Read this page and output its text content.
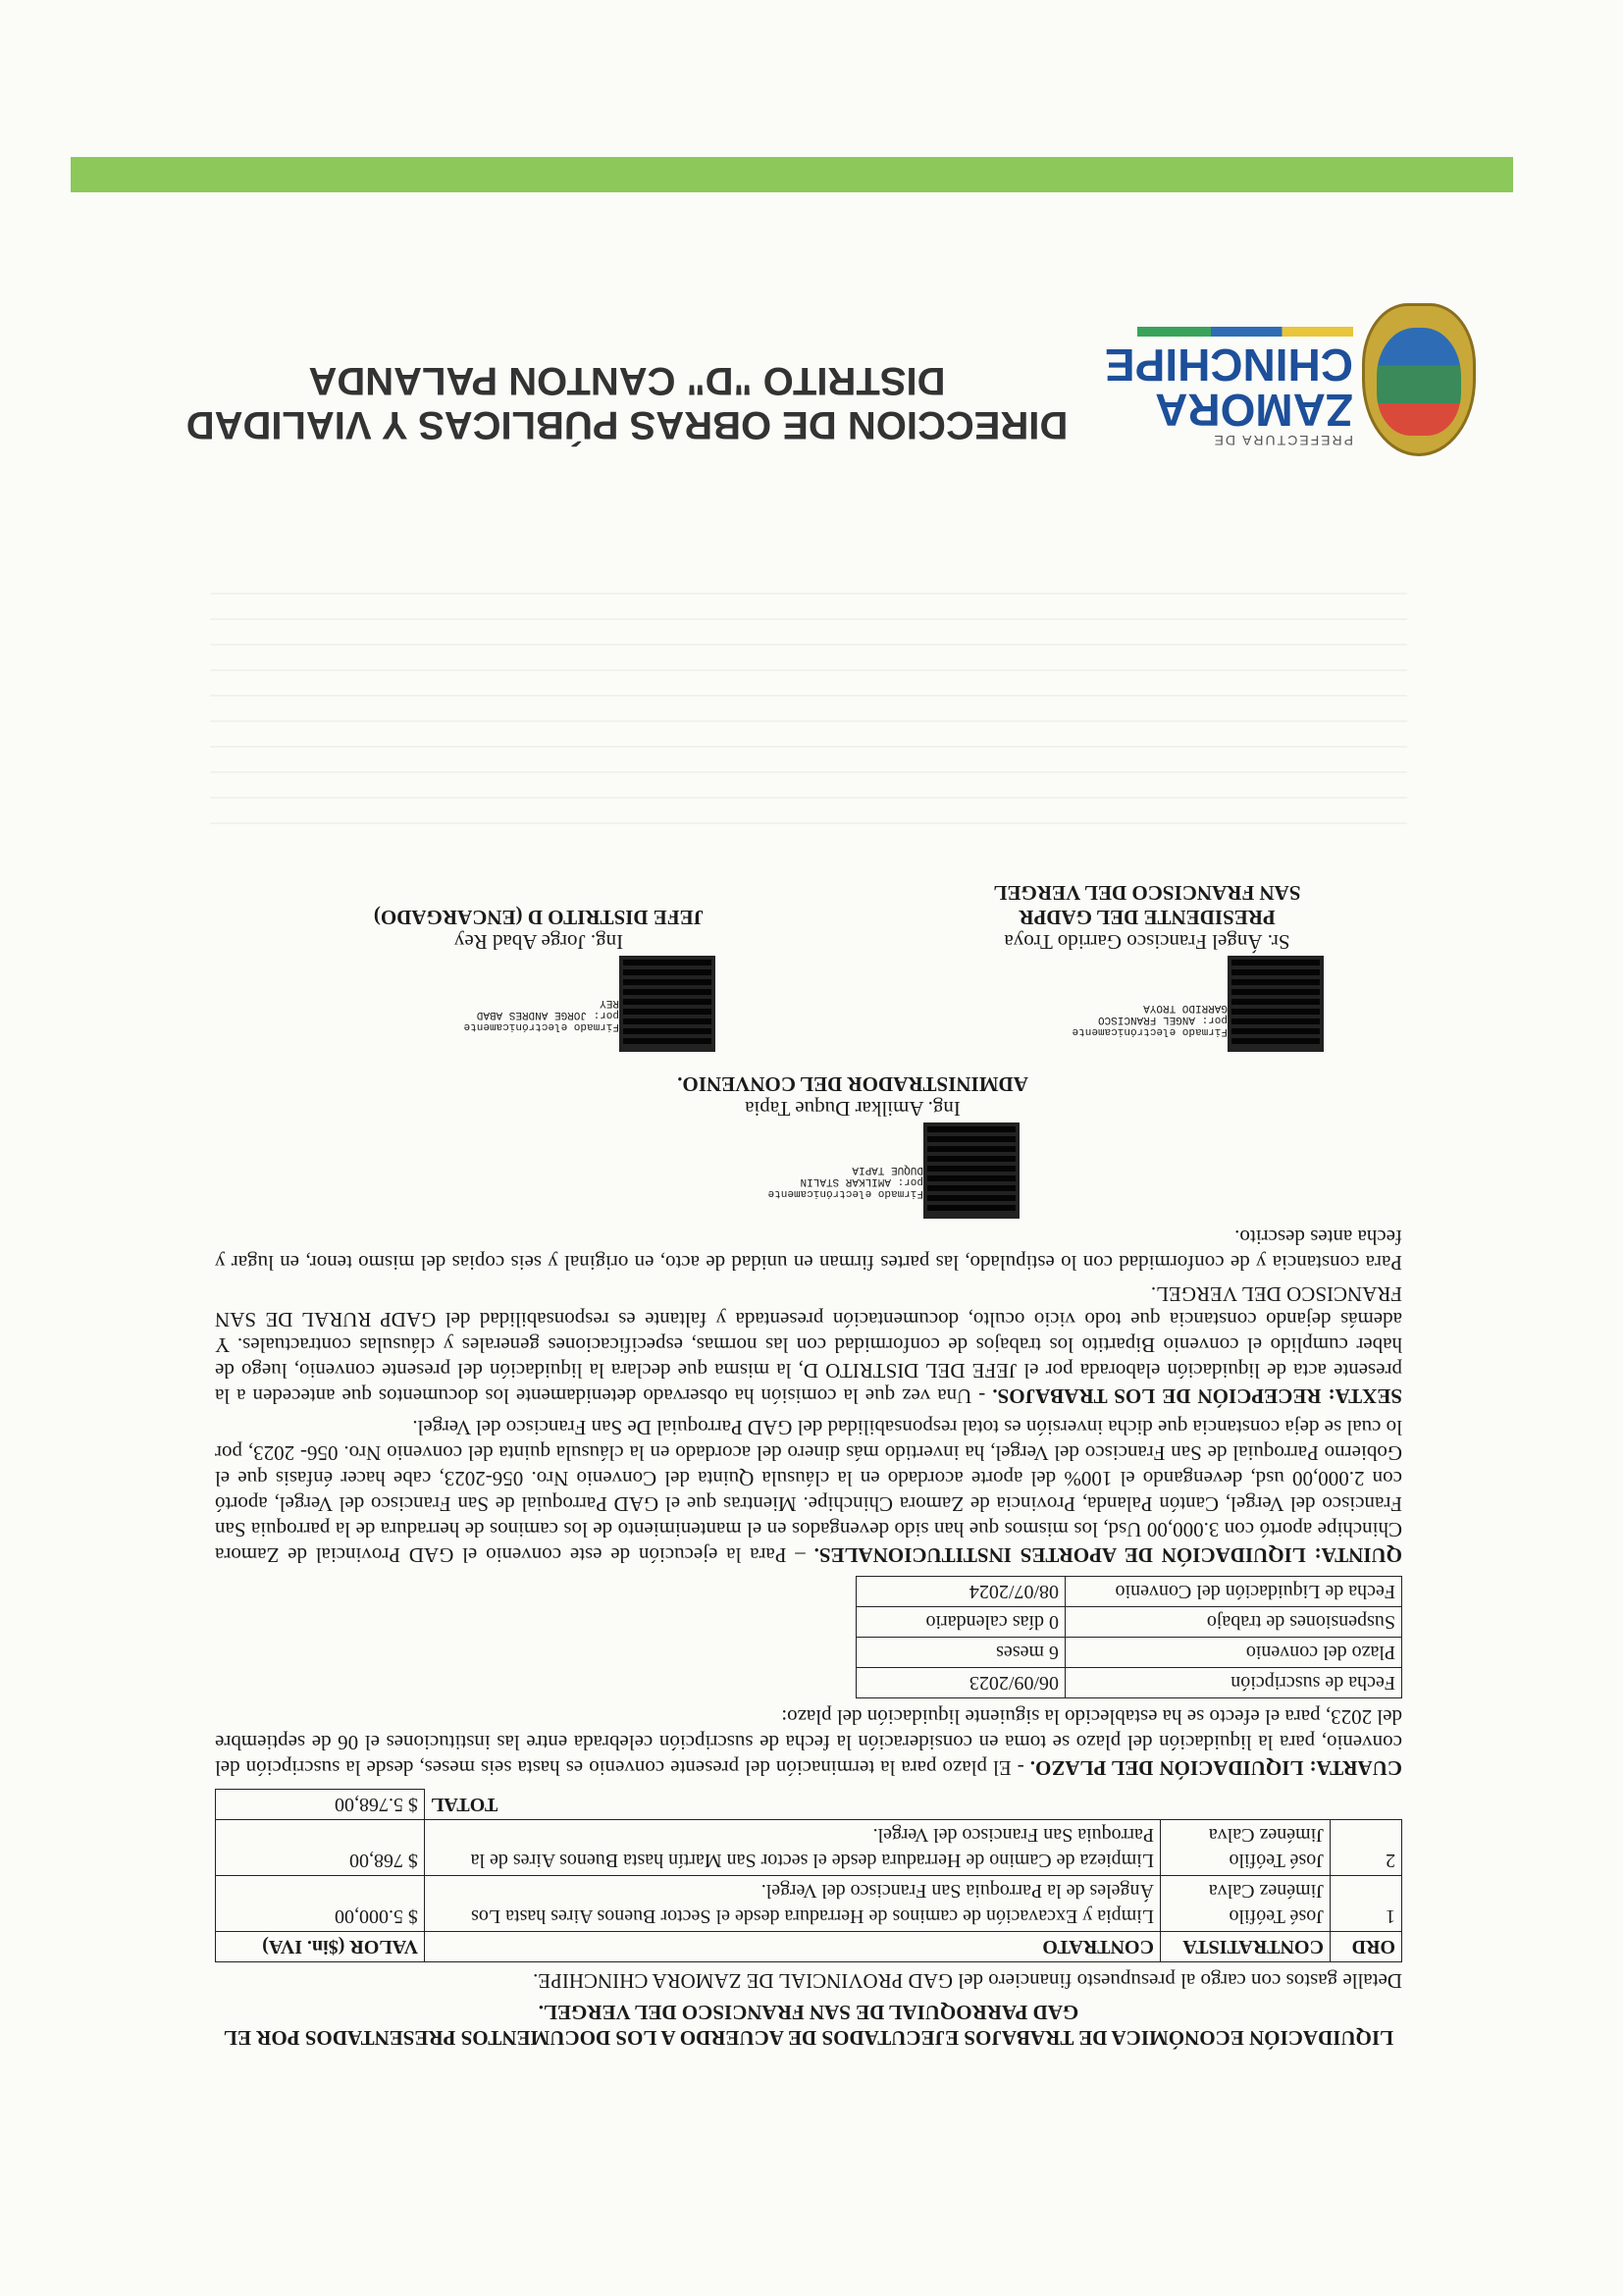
PREFECTURA DE
ZAMORA
CHINCHIPE
DIRECCION DE OBRAS PÚBLICAS Y VIALIDAD
DISTRITO "D" CANTON PALANDA
LIQUIDACIÓN ECONÓMICA DE TRABAJOS EJECUTADOS DE ACUERDO A LOS DOCUMENTOS PRESENTADOS POR EL GAD PARROQUIAL DE SAN FRANCISCO DEL VERGEL.

Detalle gastos con cargo al presupuesto financiero del GAD PROVINCIAL DE ZAMORA CHINCHIPE.

ORD	CONTRATISTA	CONTRATO	VALOR ($in. IVA)
1	José Teófilo Jiménez Calva	Limpia y Excavación de caminos de Herradura desde el Sector Buenos Aires hasta Los Ángeles de la Parroquia San Francisco del Vergel.	$ 5.000,00
2	José Teófilo Jiménez Calva	Limpieza de Camino de Herradura desde el sector San Martín hasta Buenos Aires de la Parroquia San Francisco del Vergel.	$ 768,00
TOTAL			$ 5.768,00

CUARTA: LIQUIDACIÓN DEL PLAZO. - El plazo para la terminación del presente convenio es hasta seis meses, desde la suscripción del convenio, para la liquidación del plazo se toma en consideración la fecha de suscripción celebrada entre las instituciones el 06 de septiembre del 2023, para el efecto se ha establecido la siguiente liquidación del plazo:

Fecha de suscripción	06/09/2023
Plazo del convenio	6 meses
Suspensiones de trabajo	0 días calendario
Fecha de Liquidación del Convenio	08/07/2024

QUINTA: LIQUIDACIÓN DE APORTES INSTITUCIONALES. – Para la ejecución de este convenio el GAD Provincial de Zamora Chinchipe aportó con 3.000,00 Usd, los mismos que han sido devengados en el mantenimiento de los caminos de herradura de la parroquia San Francisco del Vergel, Cantón Palanda, Provincia de Zamora Chinchipe. Mientras que el GAD Parroquial de San Francisco del Vergel, aportó con 2.000,00 usd, devengando el 100% del aporte acordado en la cláusula Quinta del Convenio Nro. 056-2023, cabe hacer énfasis que el Gobierno Parroquial de San Francisco del Vergel, ha invertido más dinero del acordado en la cláusula quinta del convenio Nro. 056- 2023, por lo cual se deja constancia que dicha inversión es total responsabilidad del GAD Parroquial De San Francisco del Vergel.

SEXTA: RECEPCIÓN DE LOS TRABAJOS. - Una vez que la comisión ha observado detenidamente los documentos que anteceden a la presente acta de liquidación elaborada por el JEFE DEL DISTRITO D, la misma que declara la liquidación del presente convenio, luego de haber cumplido el convenio Bipartito los trabajos de conformidad con las normas, especificaciones generales y cláusulas contractuales. Y además dejando constancia que todo vicio oculto, documentación presentada y faltante es responsabilidad del GADP RURAL DE SAN FRANCISCO DEL VERGEL.

Para constancia y de conformidad con lo estipulado, las partes firman en unidad de acto, en original y seis copias del mismo tenor, en lugar y fecha antes descrito.

Firmado electrónicamente por: AMILKAR STALIN DUQUE TAPIA
Ing. Amilkar Duque Tapia
ADMINISTRADOR DEL CONVENIO.
Firmado electrónicamente por: ANGEL FRANCISCO GARRIDO TROYA
Firmado electrónicamente por: JORGE ANDRES ABAD REY
Sr. Ángel Francisco Garrido Troya
PRESIDENTE DEL GADPR
SAN FRANCISCO DEL VERGEL
Ing. Jorge Abad Rey
JEFE DISTRITO D (ENCARGADO)
